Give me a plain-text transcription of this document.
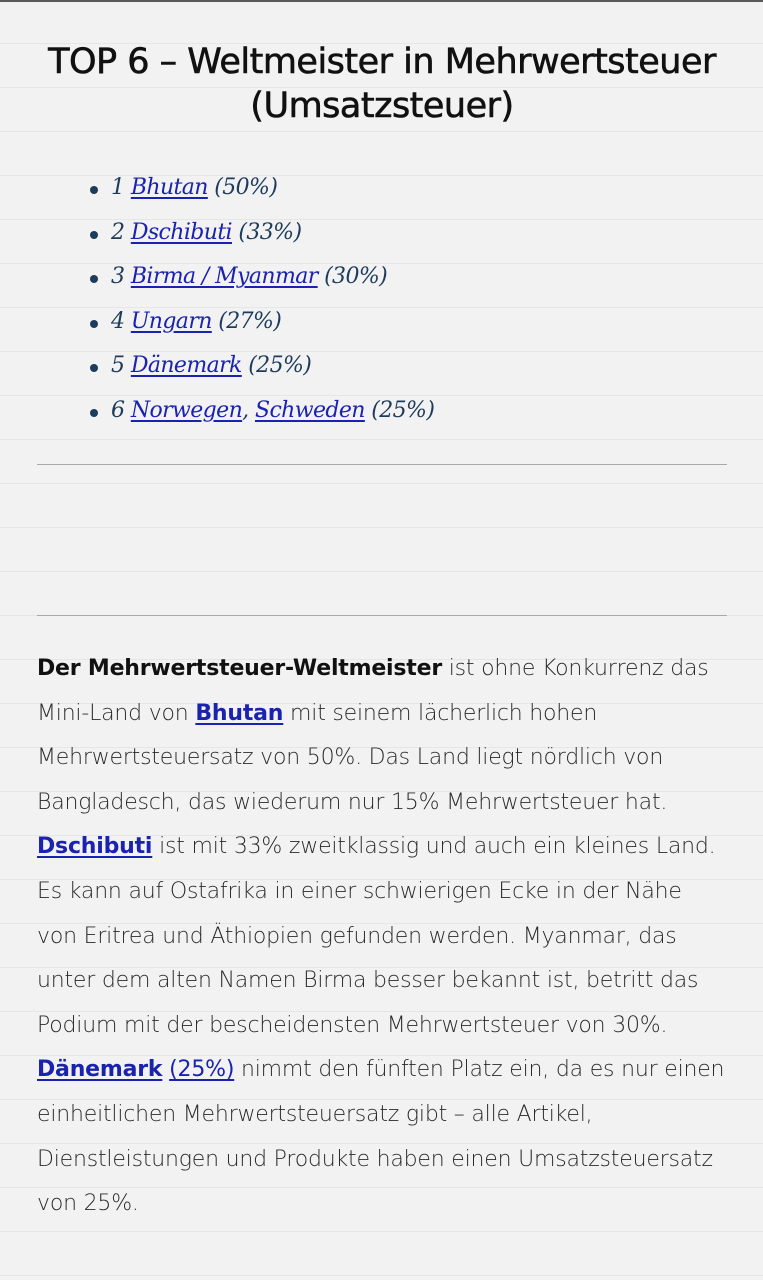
TOP 6 – Weltmeister in Mehrwertsteuer (Umsatzsteuer)
1 Bhutan (50%)
2 Dschibuti (33%)
3 Birma / Myanmar (30%)
4 Ungarn (27%)
5 Dänemark (25%)
6 Norwegen, Schweden (25%)

Der Mehrwertsteuer-Weltmeister ist ohne Konkurrenz das Mini-Land von Bhutan mit seinem lächerlich hohen Mehrwertsteuersatz von 50%. Das Land liegt nördlich von Bangladesch, das wiederum nur 15% Mehrwertsteuer hat. Dschibuti ist mit 33% zweitklassig und auch ein kleines Land. Es kann auf Ostafrika in einer schwierigen Ecke in der Nähe von Eritrea und Äthiopien gefunden werden. Myanmar, das unter dem alten Namen Birma besser bekannt ist, betritt das Podium mit der bescheidensten Mehrwertsteuer von 30%. Dänemark (25%) nimmt den fünften Platz ein, da es nur einen einheitlichen Mehrwertsteuersatz gibt – alle Artikel, Dienstleistungen und Produkte haben einen Umsatzsteuersatz von 25%.
